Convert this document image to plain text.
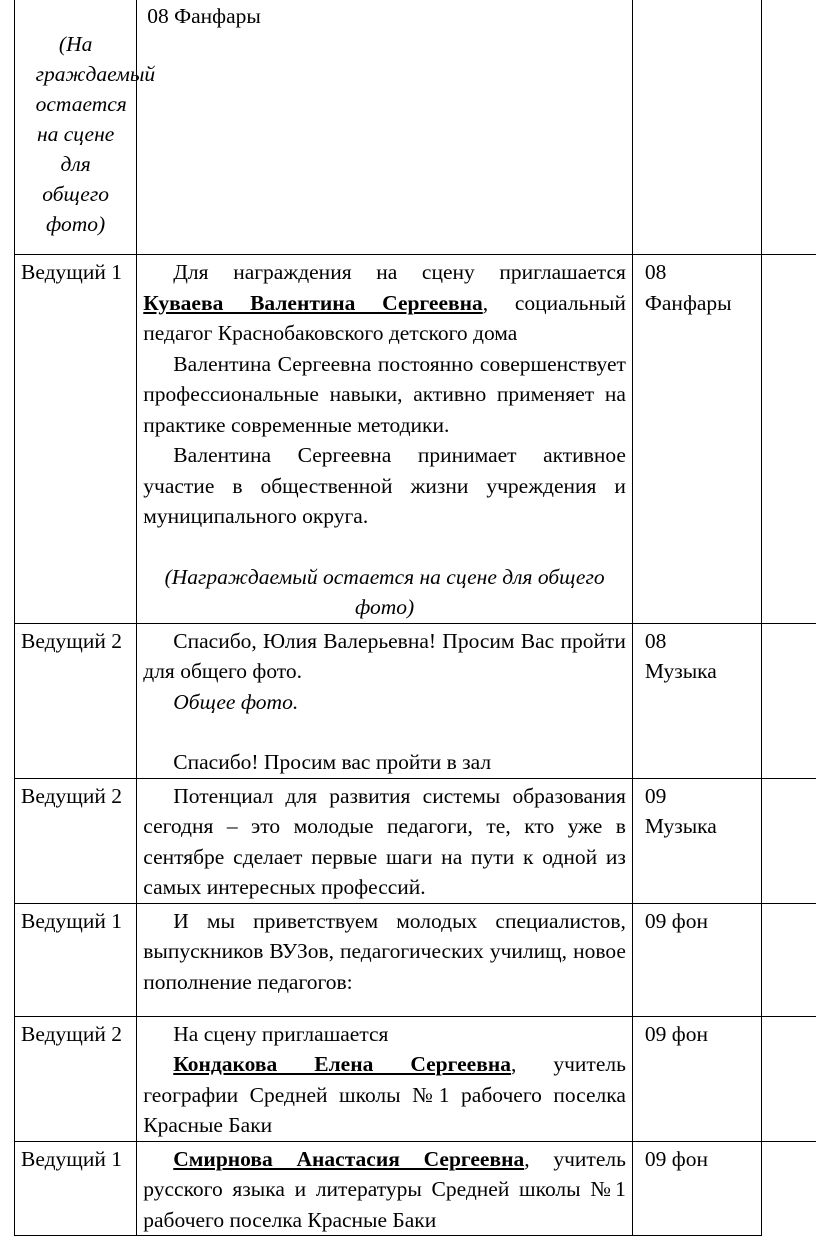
(На граждаемый остается на сцене для общего фото)	08 Фанфары		

Ведущий 1	Для награждения на сцену приглашается Куваева Валентина Сергеевна, социальный педагог Краснобаковского детского дома

Валентина Сергеевна постоянно совершенствует профессиональные навыки, активно применяет на практике современные методики.

Валентина Сергеевна принимает активное участие в общественной жизни учреждения и муниципального округа.

(Награждаемый остается на сцене для общего фото)	08 Фанфары	

Ведущий 2	Спасибо, Юлия Валерьевна! Просим Вас пройти для общего фото.

Общее фото.

Спасибо! Просим вас пройти в зал	08 Музыка	

Ведущий 2	Потенциал для развития системы образования сегодня – это молодые педагоги, те, кто уже в сентябре сделает первые шаги на пути к одной из самых интересных профессий.	09 Музыка	

Ведущий 1	И мы приветствуем молодых специалистов, выпускников ВУЗов, педагогических училищ, новое пополнение педагогов:	09 фон	
Ведущий 2	На сцену приглашается

Кондакова Елена Сергеевна, учитель географии Средней школы №1 рабочего поселка Красные Баки	09 фон	
Ведущий 1	Смирнова Анастасия Сергеевна, учитель русского языка и литературы Средней школы №1 рабочего поселка Красные Баки	09 фон	
